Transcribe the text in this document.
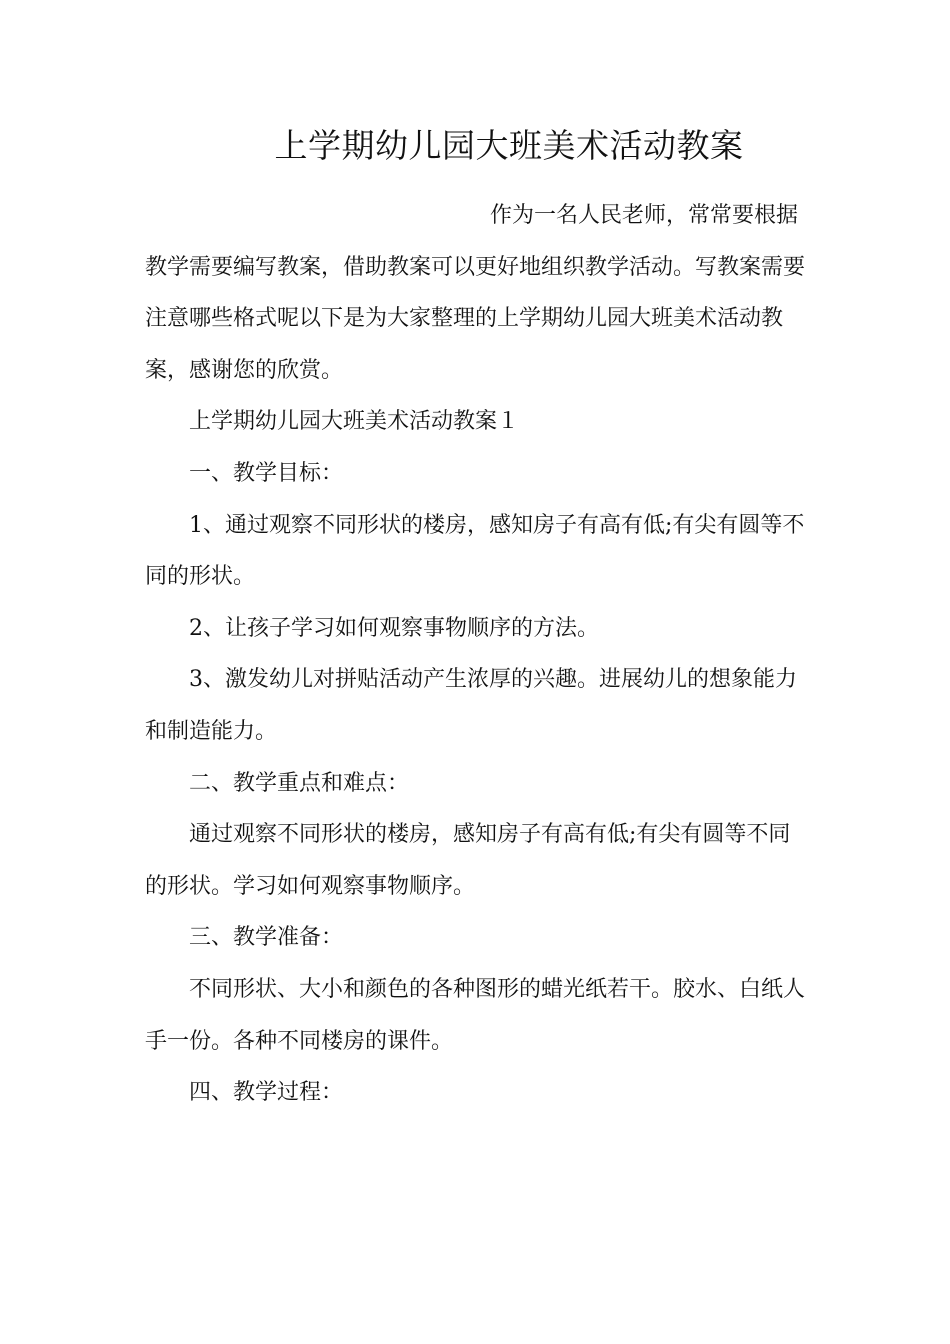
上学期幼儿园大班美术活动教案

作为一名人民老师，常常要根据教学需要编写教案，借助教案可以更好地组织教学活动。写教案需要注意哪些格式呢以下是为大家整理的上学期幼儿园大班美术活动教案，感谢您的欣赏。

上学期幼儿园大班美术活动教案１

一、教学目标：

1、通过观察不同形状的楼房，感知房子有高有低;有尖有圆等不同的形状。

2、让孩子学习如何观察事物顺序的方法。

3、激发幼儿对拼贴活动产生浓厚的兴趣。进展幼儿的想象能力和制造能力。

二、教学重点和难点：

通过观察不同形状的楼房，感知房子有高有低;有尖有圆等不同的形状。学习如何观察事物顺序。

三、教学准备：

不同形状、大小和颜色的各种图形的蜡光纸若干。胶水、白纸人手一份。各种不同楼房的课件。

四、教学过程：
